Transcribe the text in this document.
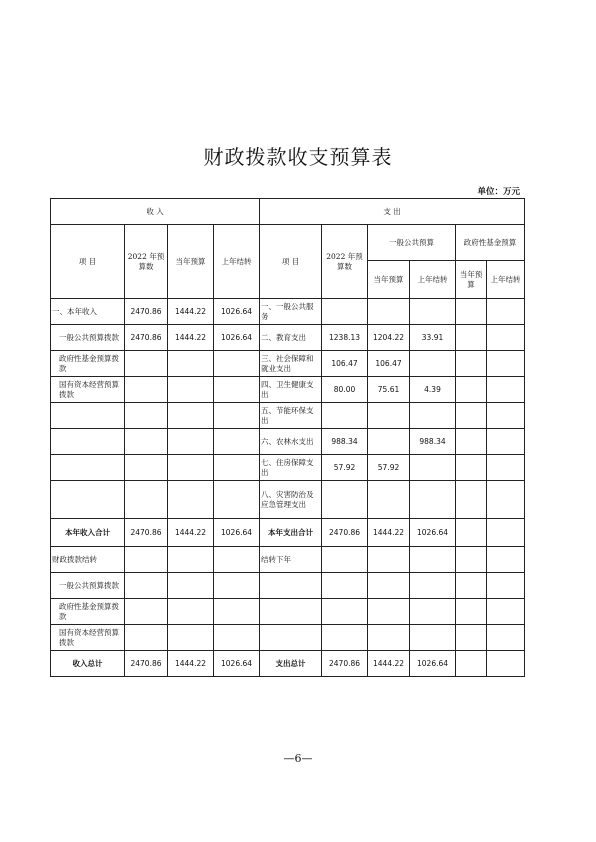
财政拨款收支预算表
单位：万元
收 入				支 出					
项 目	2022 年预算数	当年预算	上年结转	项 目	2022 年预算数	一般公共预算		政府性基金预算	
						当年预算	上年结转	当年预算	上年结转
一、本年收入	2470.86	1444.22	1026.64	一、一般公共服务					
一般公共预算拨款	2470.86	1444.22	1026.64	二、教育支出	1238.13	1204.22	33.91		
政府性基金预算拨款				三、社会保障和就业支出	106.47	106.47			
国有资本经营预算拨款				四、卫生健康支出	80.00	75.61	4.39		
				五、节能环保支出					
				六、农林水支出	988.34		988.34		
				七、住房保障支出	57.92	57.92			
				八、灾害防治及应急管理支出					
本年收入合计	2470.86	1444.22	1026.64	本年支出合计	2470.86	1444.22	1026.64		
财政拨款结转				结转下年					
一般公共预算拨款									
政府性基金预算拨款									
国有资本经营预算拨款									
收入总计	2470.86	1444.22	1026.64	支出总计	2470.86	1444.22	1026.64		
—6—
